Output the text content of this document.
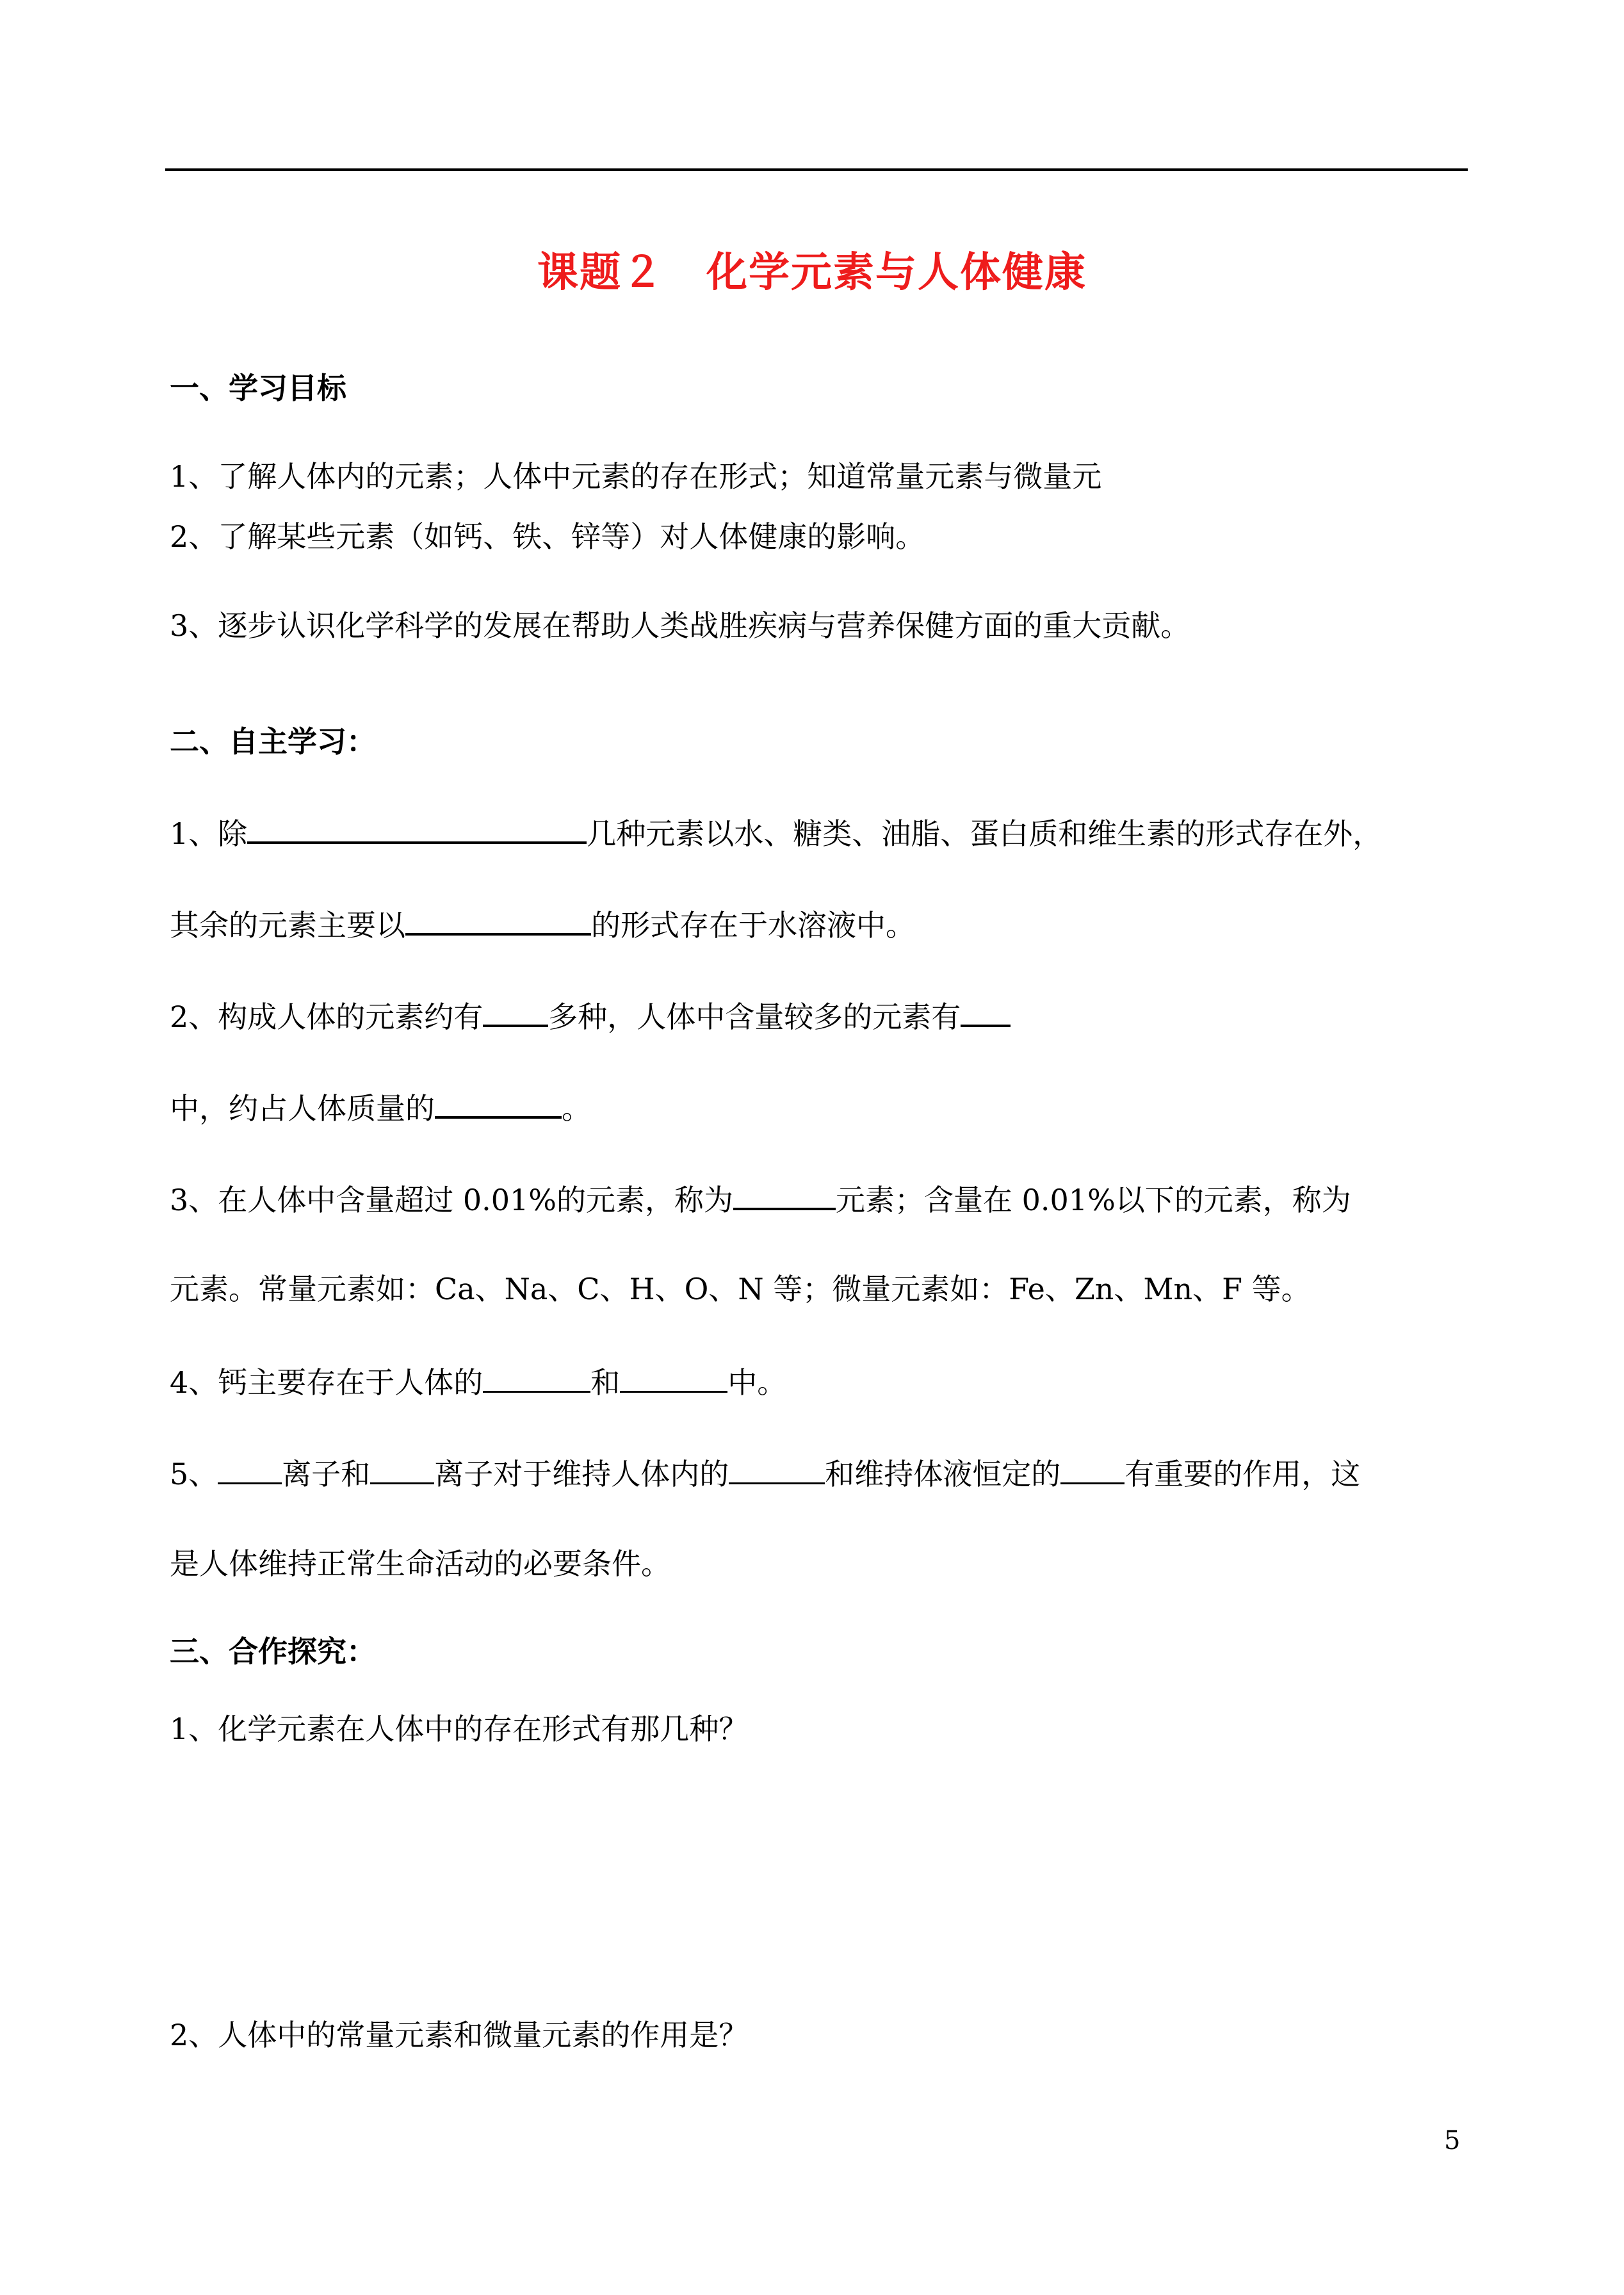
课题２　化学元素与人体健康
一、学习目标
1、了解人体内的元素；人体中元素的存在形式；知道常量元素与微量元
2、了解某些元素（如钙、铁、锌等）对人体健康的影响。
3、逐步认识化学科学的发展在帮助人类战胜疾病与营养保健方面的重大贡献。
二、自主学习：
1、除	几种元素以水、糖类、油脂、蛋白质和维生素的形式存在外，
其余的元素主要以	的形式存在于水溶液中。
2、构成人体的元素约有 多种，人体中含量较多的元素有
中，约占人体质量的	。
3、在人体中含量超过 0.01%的元素，称为	元素；含量在 0.01%以下的元素，称为
元素。常量元素如：Ca、Na、C、H、O、N 等；微量元素如：Fe、Zn、Mn、F 等。
4、钙主要存在于人体的	和	中。
5、 离子和 离子对于维持人体内的	和维持体液恒定的 有重要的作用，这
是人体维持正常生命活动的必要条件。
三、合作探究：
1、化学元素在人体中的存在形式有那几种？
2、人体中的常量元素和微量元素的作用是？
5
